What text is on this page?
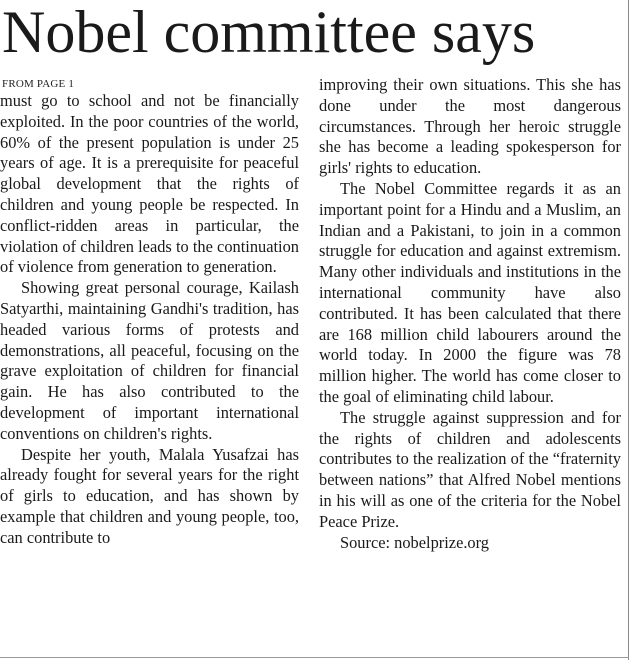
Nobel committee says
FROM PAGE 1

must go to school and not be financially exploited. In the poor countries of the world, 60% of the present population is under 25 years of age. It is a prerequisite for peaceful global development that the rights of children and young people be respected. In conflict-ridden areas in particular, the violation of children leads to the continuation of violence from generation to generation.

Showing great personal courage, Kailash Satyarthi, maintaining Gandhi's tradition, has headed various forms of protests and demonstrations, all peaceful, focusing on the grave exploitation of children for financial gain. He has also contributed to the development of important international conventions on children's rights.

Despite her youth, Malala Yusafzai has already fought for several years for the right of girls to education, and has shown by example that children and young people, too, can contribute to

improving their own situations. This she has done under the most dangerous circumstances. Through her heroic struggle she has become a leading spokesperson for girls' rights to education.

The Nobel Committee regards it as an important point for a Hindu and a Muslim, an Indian and a Pakistani, to join in a common struggle for education and against extremism. Many other individuals and institutions in the international community have also contributed. It has been calculated that there are 168 million child labourers around the world today. In 2000 the figure was 78 million higher. The world has come closer to the goal of eliminating child labour.

The struggle against suppression and for the rights of children and adolescents contributes to the realization of the “fraternity between nations” that Alfred Nobel mentions in his will as one of the criteria for the Nobel Peace Prize.

Source: nobelprize.org
